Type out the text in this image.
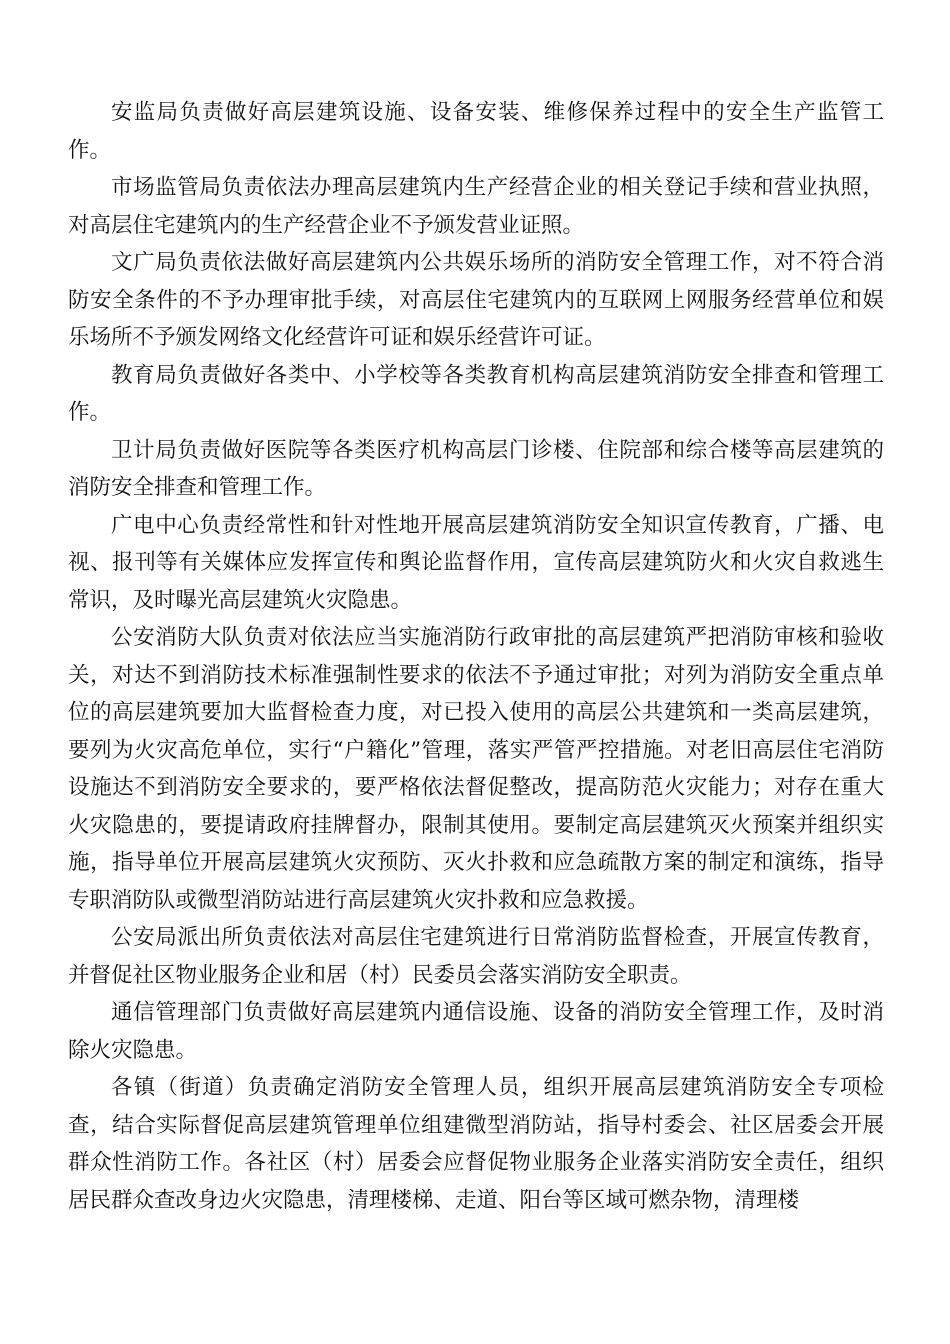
安监局负责做好高层建筑设施、设备安装、维修保养过程中的安全生产监管工作。

市场监管局负责依法办理高层建筑内生产经营企业的相关登记手续和营业执照，对高层住宅建筑内的生产经营企业不予颁发营业证照。

文广局负责依法做好高层建筑内公共娱乐场所的消防安全管理工作，对不符合消防安全条件的不予办理审批手续，对高层住宅建筑内的互联网上网服务经营单位和娱乐场所不予颁发网络文化经营许可证和娱乐经营许可证。

教育局负责做好各类中、小学校等各类教育机构高层建筑消防安全排查和管理工作。

卫计局负责做好医院等各类医疗机构高层门诊楼、住院部和综合楼等高层建筑的消防安全排查和管理工作。

广电中心负责经常性和针对性地开展高层建筑消防安全知识宣传教育，广播、电视、报刊等有关媒体应发挥宣传和舆论监督作用，宣传高层建筑防火和火灾自救逃生常识，及时曝光高层建筑火灾隐患。

公安消防大队负责对依法应当实施消防行政审批的高层建筑严把消防审核和验收关，对达不到消防技术标准强制性要求的依法不予通过审批；对列为消防安全重点单位的高层建筑要加大监督检查力度，对已投入使用的高层公共建筑和一类高层建筑，要列为火灾高危单位，实行“户籍化”管理，落实严管严控措施。对老旧高层住宅消防设施达不到消防安全要求的，要严格依法督促整改，提高防范火灾能力；对存在重大火灾隐患的，要提请政府挂牌督办，限制其使用。要制定高层建筑灭火预案并组织实施，指导单位开展高层建筑火灾预防、灭火扑救和应急疏散方案的制定和演练，指导专职消防队或微型消防站进行高层建筑火灾扑救和应急救援。

公安局派出所负责依法对高层住宅建筑进行日常消防监督检查，开展宣传教育，并督促社区物业服务企业和居（村）民委员会落实消防安全职责。

通信管理部门负责做好高层建筑内通信设施、设备的消防安全管理工作，及时消除火灾隐患。

各镇（街道）负责确定消防安全管理人员，组织开展高层建筑消防安全专项检查，结合实际督促高层建筑管理单位组建微型消防站，指导村委会、社区居委会开展群众性消防工作。各社区（村）居委会应督促物业服务企业落实消防安全责任，组织居民群众查改身边火灾隐患，清理楼梯、走道、阳台等区域可燃杂物，清理楼
